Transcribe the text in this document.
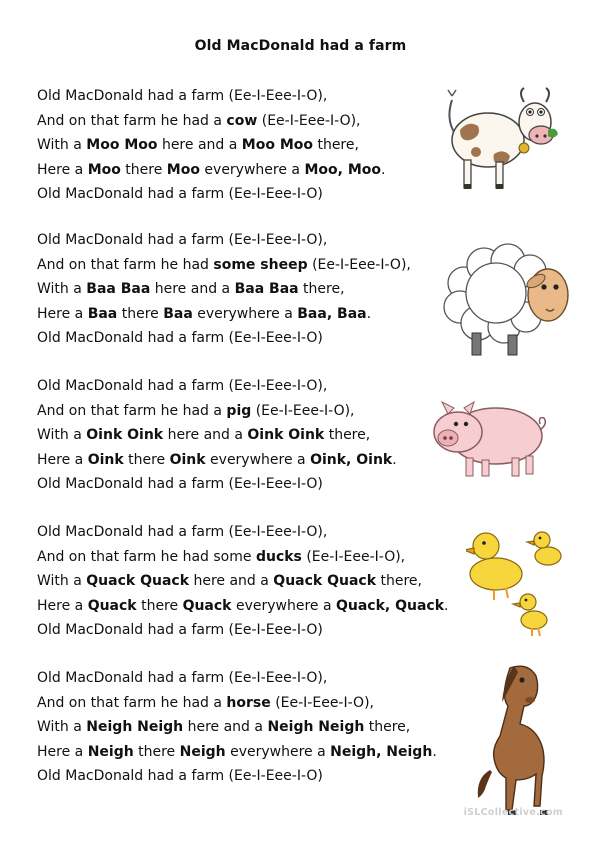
Old MacDonald had a farm
Old MacDonald had a farm (Ee-I-Eee-I-O),
And on that farm he had a cow (Ee-I-Eee-I-O),
With a Moo Moo here and a Moo Moo there,
Here a Moo there Moo everywhere a Moo, Moo.
Old MacDonald had a farm (Ee-I-Eee-I-O)
Old MacDonald had a farm (Ee-I-Eee-I-O),
And on that farm he had some sheep (Ee-I-Eee-I-O),
With a Baa Baa here and a Baa Baa there,
Here a Baa there Baa everywhere a Baa, Baa.
Old MacDonald had a farm (Ee-I-Eee-I-O)
Old MacDonald had a farm (Ee-I-Eee-I-O),
And on that farm he had a pig (Ee-I-Eee-I-O),
With a Oink Oink here and a Oink Oink there,
Here a Oink there Oink everywhere a Oink, Oink.
Old MacDonald had a farm (Ee-I-Eee-I-O)
Old MacDonald had a farm (Ee-I-Eee-I-O),
And on that farm he had some ducks (Ee-I-Eee-I-O),
With a Quack Quack here and a Quack Quack there,
Here a Quack there Quack everywhere a Quack, Quack.
Old MacDonald had a farm (Ee-I-Eee-I-O)
Old MacDonald had a farm (Ee-I-Eee-I-O),
And on that farm he had a horse (Ee-I-Eee-I-O),
With a Neigh Neigh here and a Neigh Neigh there,
Here a Neigh there Neigh everywhere a Neigh, Neigh.
Old MacDonald had a farm (Ee-I-Eee-I-O)
iSLCollective.com
